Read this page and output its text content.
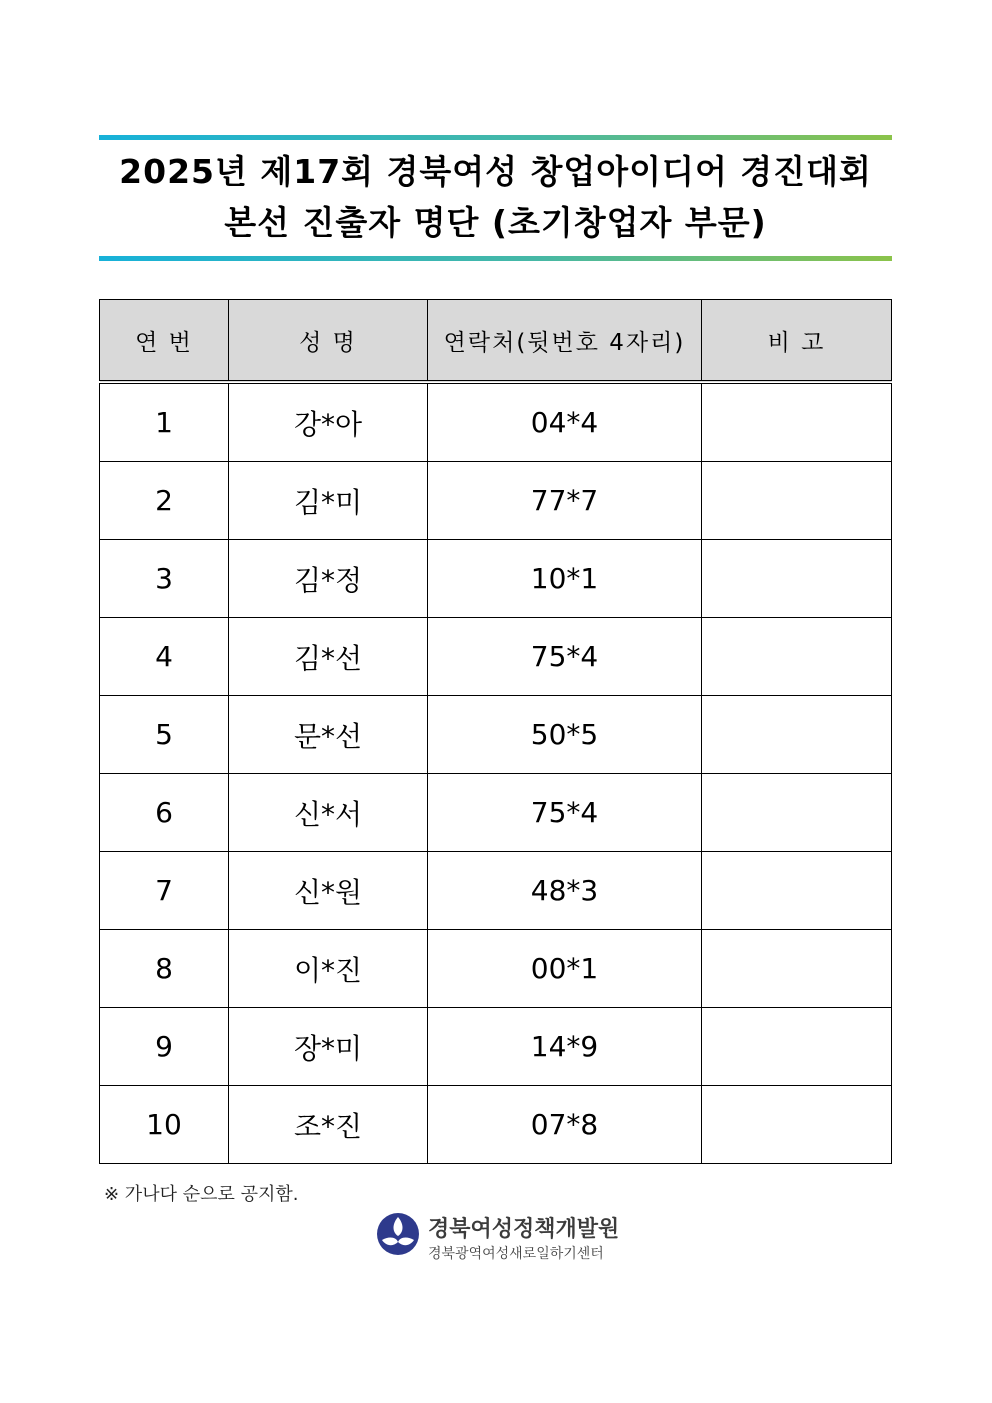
2025년 제17회 경북여성 창업아이디어 경진대회
본선 진출자 명단 (초기창업자 부문)
연 번	성 명	연락처(뒷번호 4자리)	비 고
1	강*아	04*4	
2	김*미	77*7	
3	김*정	10*1	
4	김*선	75*4	
5	문*선	50*5	
6	신*서	75*4	
7	신*원	48*3	
8	이*진	00*1	
9	장*미	14*9	
10	조*진	07*8	
※ 가나다 순으로 공지함.
경북여성정책개발원
경북광역여성새로일하기센터
